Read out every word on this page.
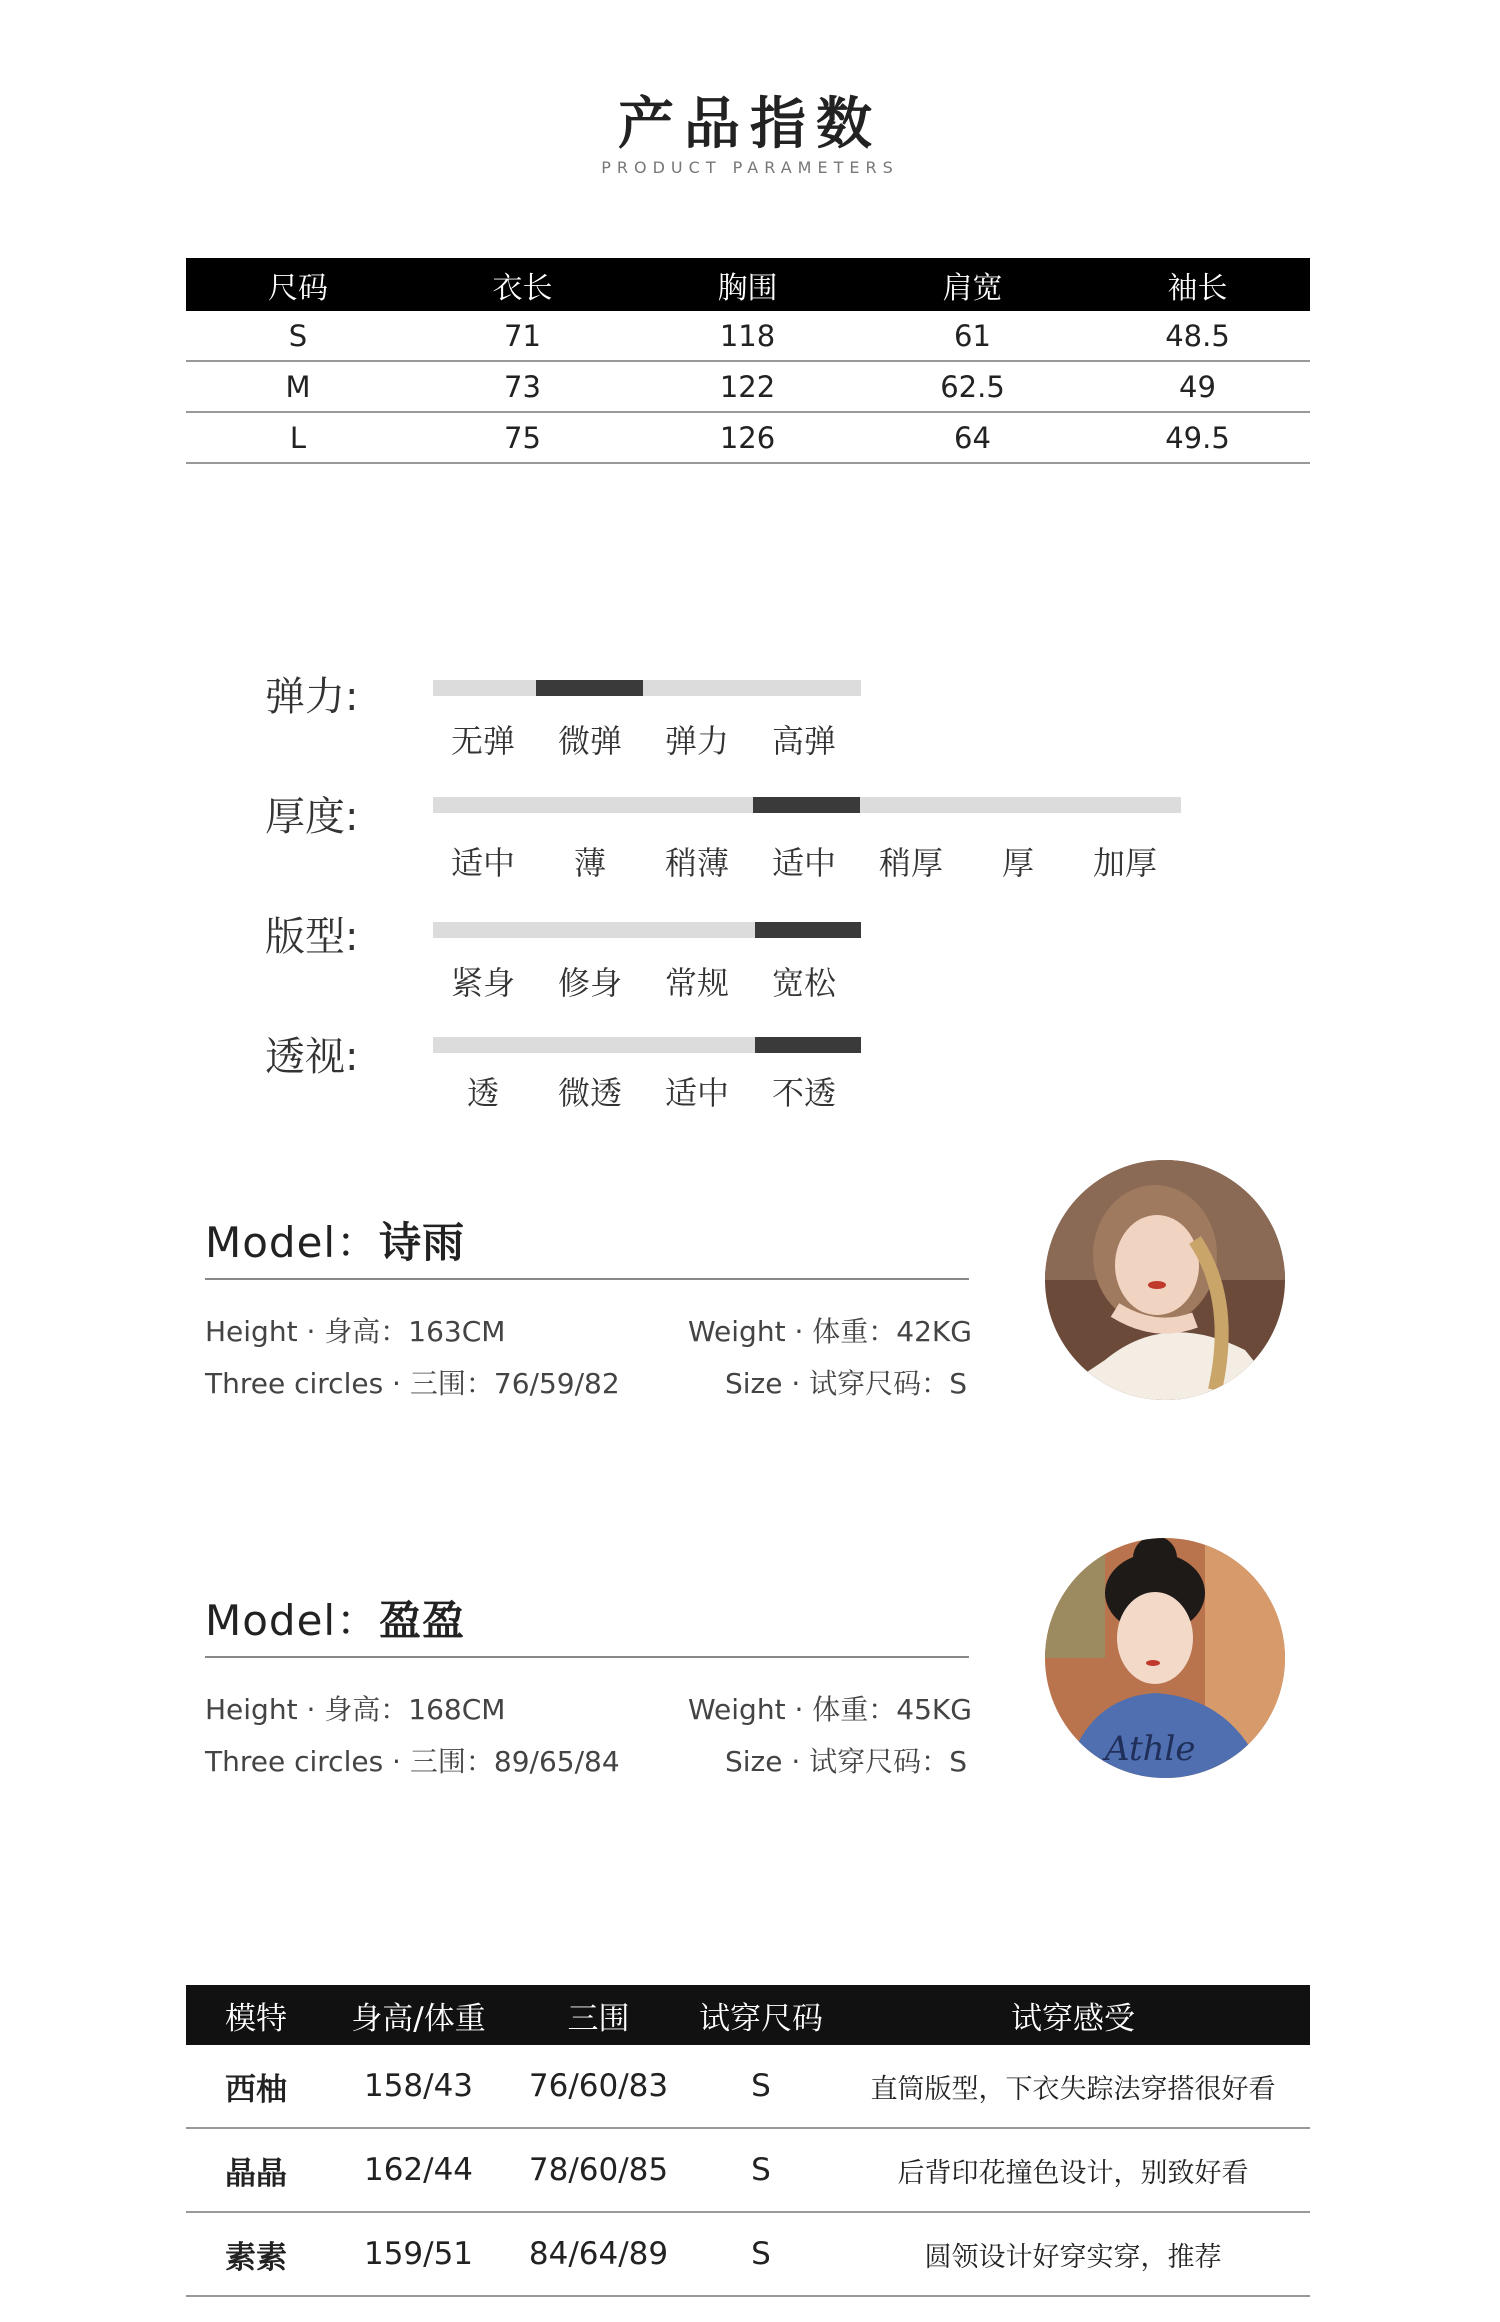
产品指数
PRODUCT PARAMETERS
尺码	衣长	胸围	肩宽	袖长
S	71	118	61	48.5
M	73	122	62.5	49
L	75	126	64	49.5
弹力:
无弹	微弹	弹力	高弹
厚度:
适中	薄	稍薄	适中	稍厚	厚	加厚
版型:
紧身	修身	常规	宽松
透视:
透	微透	适中	不透
Model：诗雨
Height · 身高：163CM
Three circles · 三围：76/59/82
Weight · 体重：42KG
Size · 试穿尺码：S
Model：盈盈
Height · 身高：168CM
Three circles · 三围：89/65/84
Weight · 体重：45KG
Size · 试穿尺码：S	Athle
模特	身高/体重	三围	试穿尺码	试穿感受
西柚	158/43	76/60/83	S	直筒版型，下衣失踪法穿搭很好看
晶晶	162/44	78/60/85	S	后背印花撞色设计，别致好看
素素	159/51	84/64/89	S	圆领设计好穿实穿，推荐
